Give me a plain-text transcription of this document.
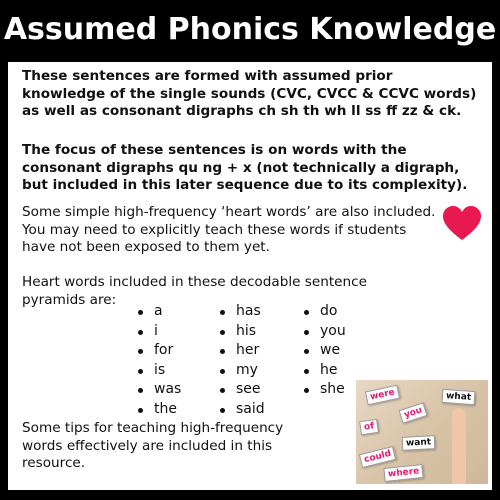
Assumed Phonics Knowledge
These sentences are formed with assumed prior knowledge of the single sounds (CVC, CVCC & CCVC words) as well as consonant digraphs ch sh th wh ll ss ff zz & ck.
The focus of these sentences is on words with the consonant digraphs qu ng + x (not technically a digraph, but included in this later sequence due to its complexity).
Some simple high-frequency ‘heart words’ are also included. You may need to explicitly teach these words if students have not been exposed to them yet.
Heart words included in these decodable sentence pyramids are:
a
i
for
is
was
the
has
his
her
my
see
said
do
you
we
he
she
Some tips for teaching high-frequency words effectively are included in this resource.
were	what
you
of
want
could
where
